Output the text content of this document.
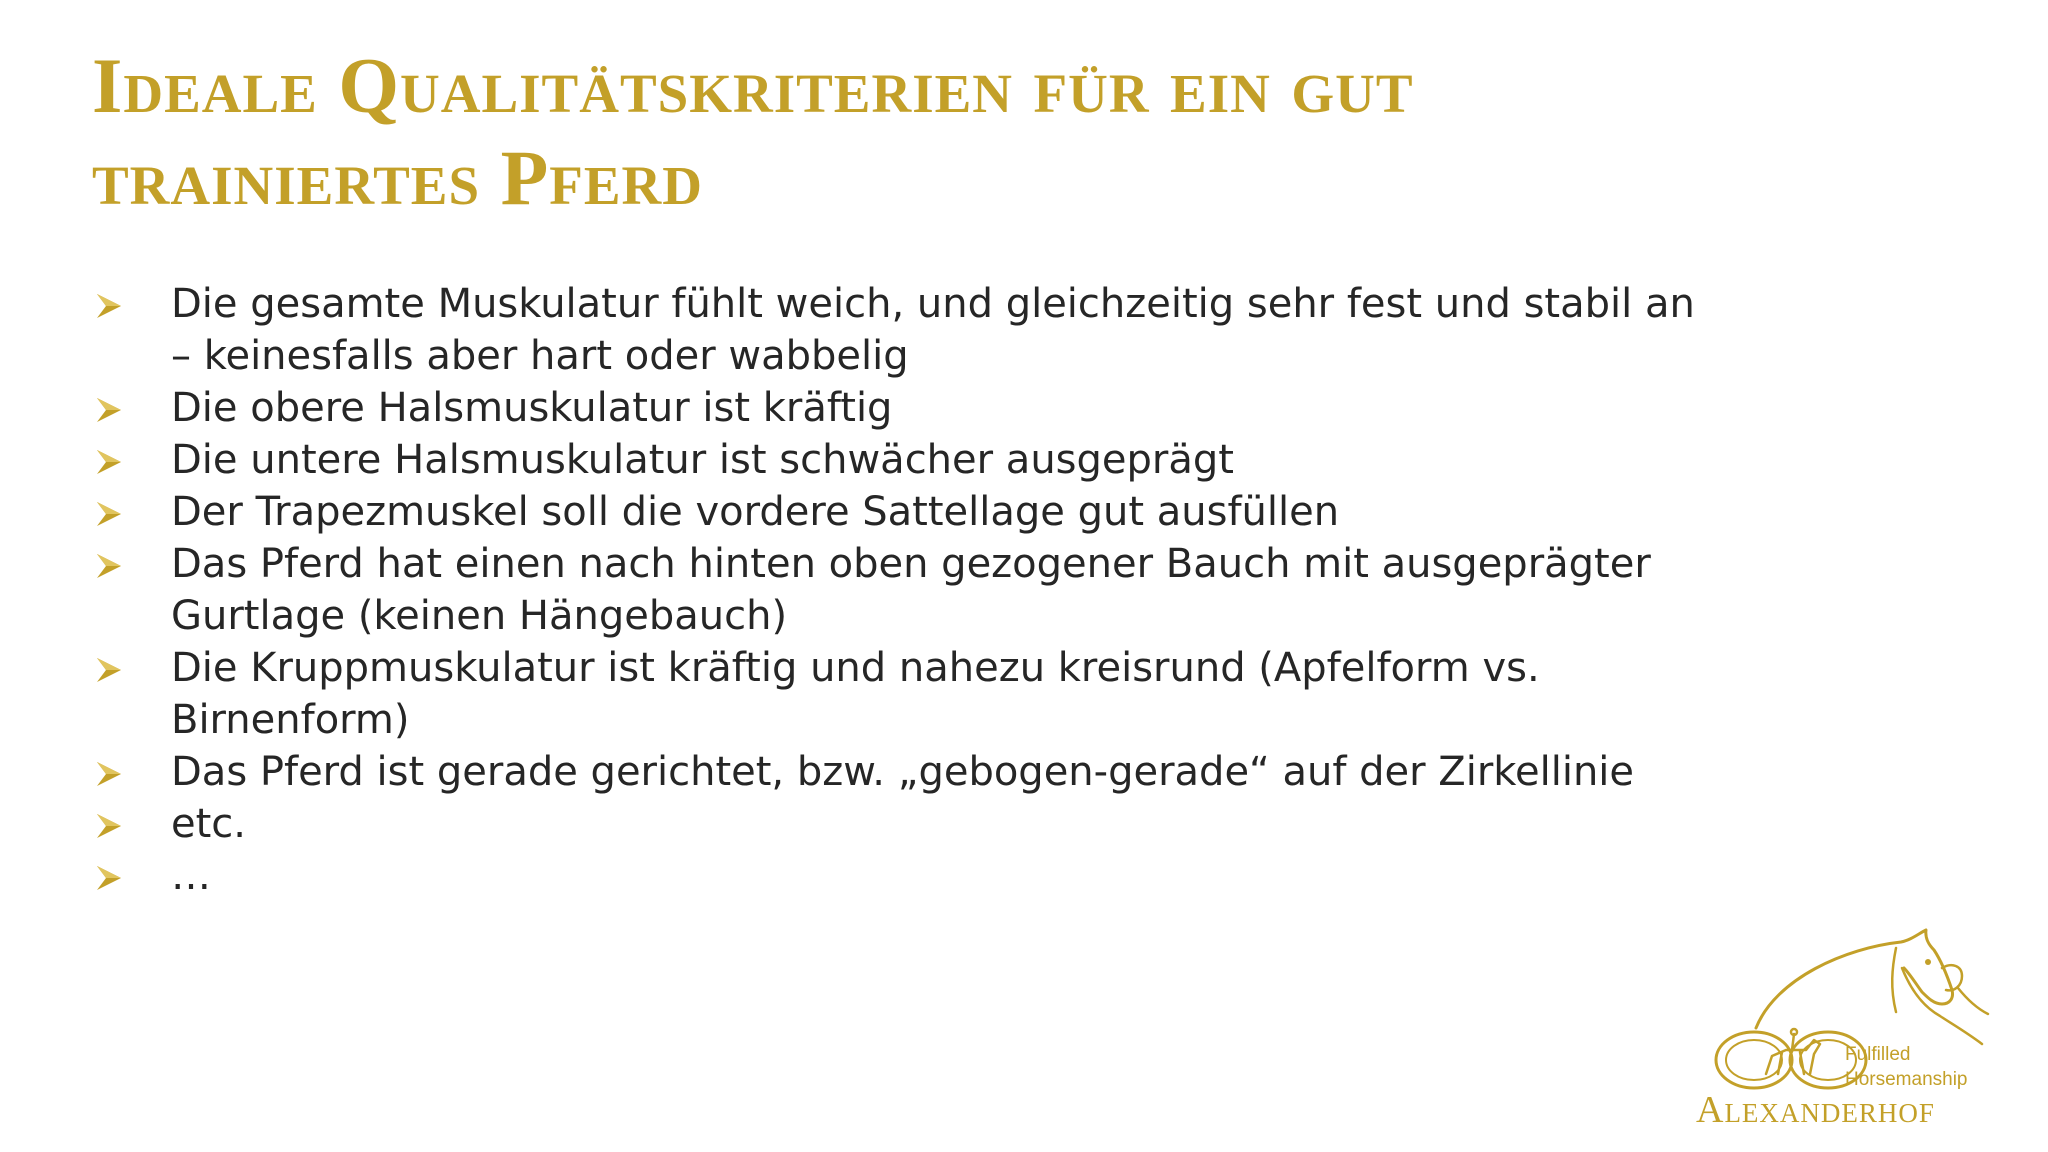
Ideale Qualitätskriterien für ein gut trainiertes Pferd
Die gesamte Muskulatur fühlt weich, und gleichzeitig sehr fest und stabil an – keinesfalls aber hart oder wabbelig
Die obere Halsmuskulatur ist kräftig
Die untere Halsmuskulatur ist schwächer ausgeprägt
Der Trapezmuskel soll die vordere Sattellage gut ausfüllen
Das Pferd hat einen nach hinten oben gezogener Bauch mit ausgeprägter Gurtlage (keinen Hängebauch)
Die Kruppmuskulatur ist kräftig und nahezu kreisrund (Apfelform vs. Birnenform)
Das Pferd ist gerade gerichtet, bzw. „gebogen-gerade“ auf der Zirkellinie
etc.
…
Fulfilled
Horsemanship
Alexanderhof
